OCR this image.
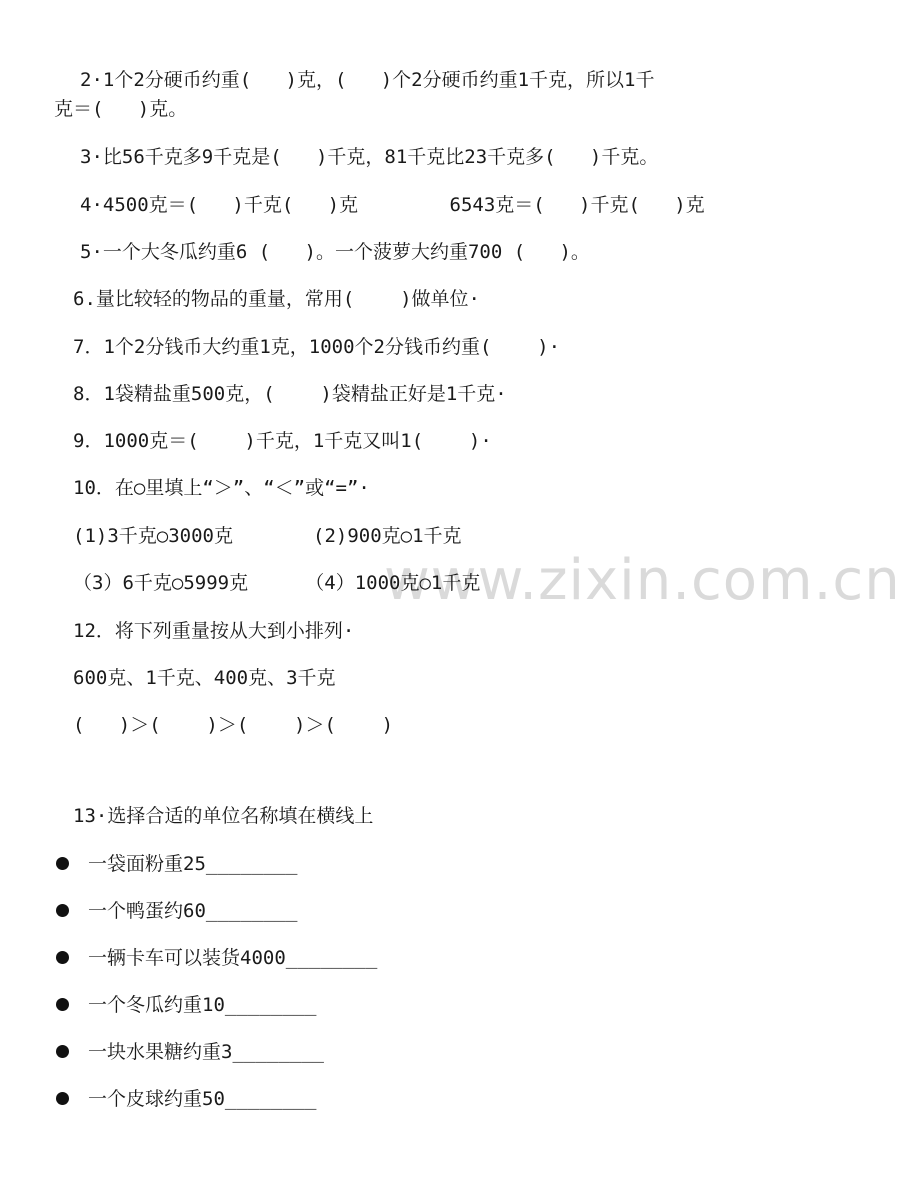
www.zixin.com.cn
2·1个2分硬币约重(   )克，(   )个2分硬币约重1千克，所以1千
克＝(   )克。
3·比56千克多9千克是(   )千克，81千克比23千克多(   )千克。
4·4500克＝(   )千克(   )克        6543克＝(   )千克(   )克
5·一个大冬瓜约重6 (   )。一个菠萝大约重700 (   )。
6.量比较轻的物品的重量，常用(    )做单位·
7．1个2分钱币大约重1克，1000个2分钱币约重(    )·
8．1袋精盐重500克，(    )袋精盐正好是1千克·
9．1000克＝(    )千克，1千克又叫1(    )·
10．在○里填上“＞”、“＜”或“=”·
(1)3千克○3000克       (2)900克○1千克
（3）6千克○5999克     （4）1000克○1千克
12．将下列重量按从大到小排列·
600克、1千克、400克、3千克
(   )＞(    )＞(    )＞(    )
13·选择合适的单位名称填在横线上
一袋面粉重25________
一个鸭蛋约60________
一辆卡车可以装货4000________
一个冬瓜约重10________
一块水果糖约重3________
一个皮球约重50________
